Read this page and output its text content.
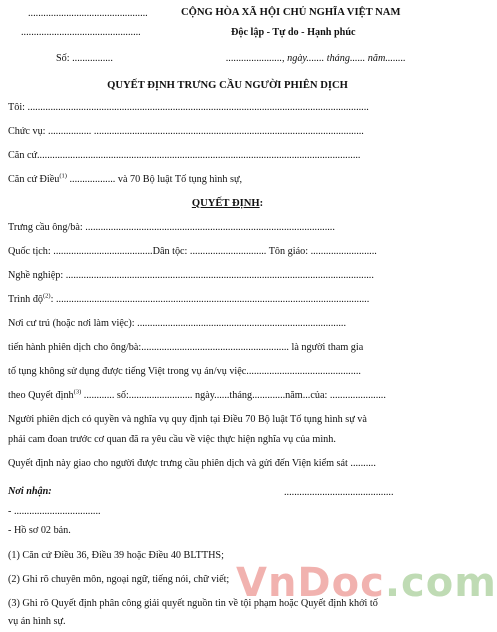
...............................................
...............................................
CỘNG HÒA XÃ HỘI CHỦ NGHĨA VIỆT NAM
Độc lập - Tự do - Hạnh phúc
Số: ................	......................, ngày....... tháng...... năm........
QUYẾT ĐỊNH TRƯNG CẦU NGƯỜI PHIÊN DỊCH
Tôi: ......................................................................................................................................
Chức vụ: ................. ..........................................................................................................
Căn cứ...............................................................................................................................
Căn cứ Điều$^{(1)}$ .................. và 70 Bộ luật Tố tụng hình sự,
QUYẾT ĐỊNH:
Trưng cầu ông/bà: ..................................................................................................
Quốc tịch: .......................................Dân tộc: .............................. Tôn giáo: ..........................
Nghề nghiệp: .........................................................................................................................
Trình độ$^{(2)}$: ...........................................................................................................................
Nơi cư trú (hoặc nơi làm việc): ..................................................................................
tiến hành phiên dịch cho ông/bà:.......................................................... là người tham gia
tố tụng không sử dụng được tiếng Việt trong vụ án/vụ việc.............................................
theo Quyết định$^{(3)}$ ............ số:......................... ngày......tháng.............năm...của: ......................
Người phiên dịch có quyền và nghĩa vụ quy định tại Điều 70 Bộ luật Tố tụng hình sự và
phải cam đoan trước cơ quan đã ra yêu cầu về việc thực hiện nghĩa vụ của mình.
Quyết định này giao cho người được trưng cầu phiên dịch và gửi đến Viện kiểm sát ..........
Nơi nhận:	...........................................
- ..................................
- Hồ sơ 02 bản.
(1) Căn cứ Điều 36, Điều 39 hoặc Điều 40 BLTTHS;
(2) Ghi rõ chuyên môn, ngoại ngữ, tiếng nói, chữ viết;
(3) Ghi rõ Quyết định phân công giải quyết nguồn tin về tội phạm hoặc Quyết định khởi tố
vụ án hình sự.
VnDoc.com
